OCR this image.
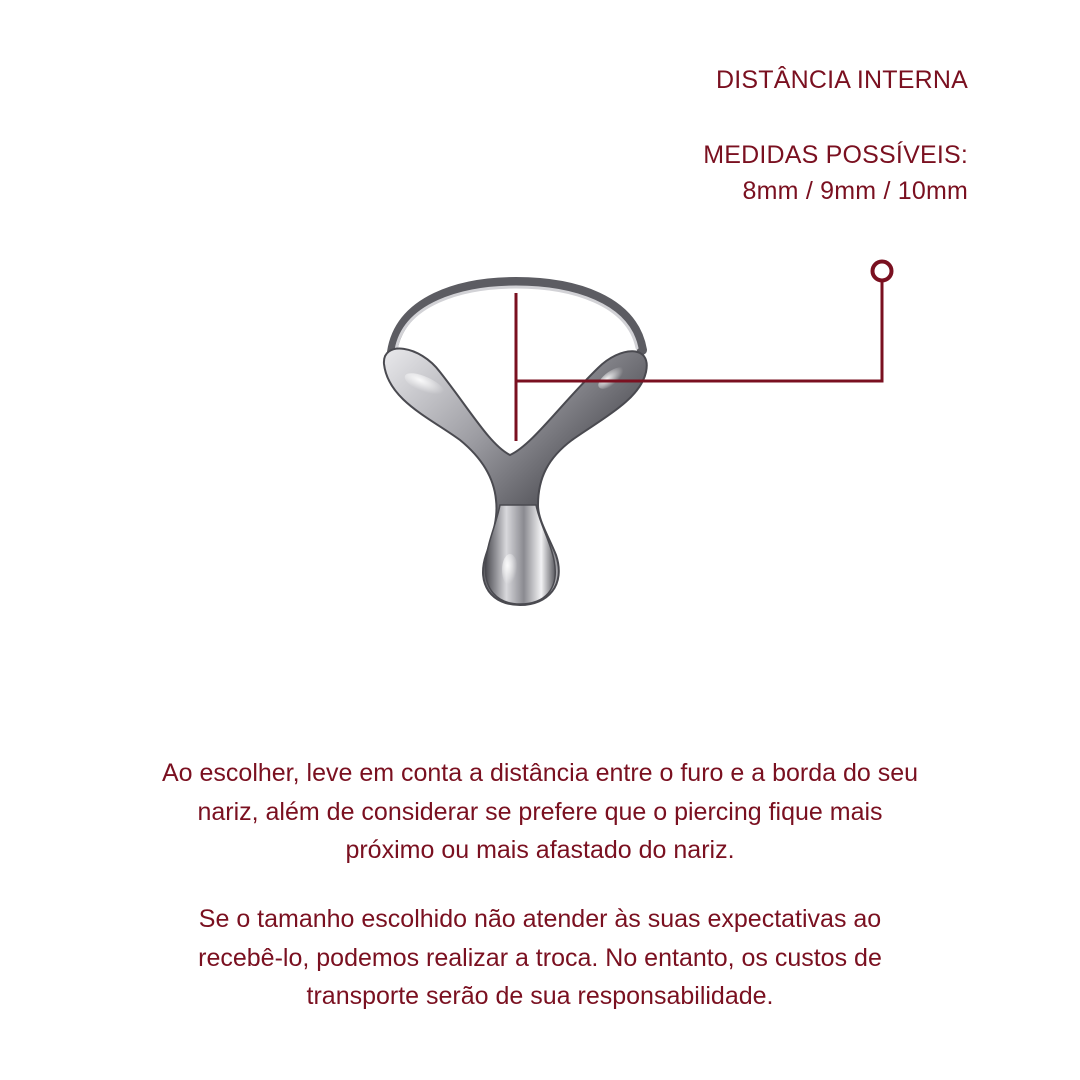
DISTÂNCIA INTERNA
MEDIDAS POSSÍVEIS:
8mm / 9mm / 10mm
Ao escolher, leve em conta a distância entre o furo e a borda do seu
nariz, além de considerar se prefere que o piercing fique mais
próximo ou mais afastado do nariz.
Se o tamanho escolhido não atender às suas expectativas ao
recebê-lo, podemos realizar a troca. No entanto, os custos de
transporte serão de sua responsabilidade.
